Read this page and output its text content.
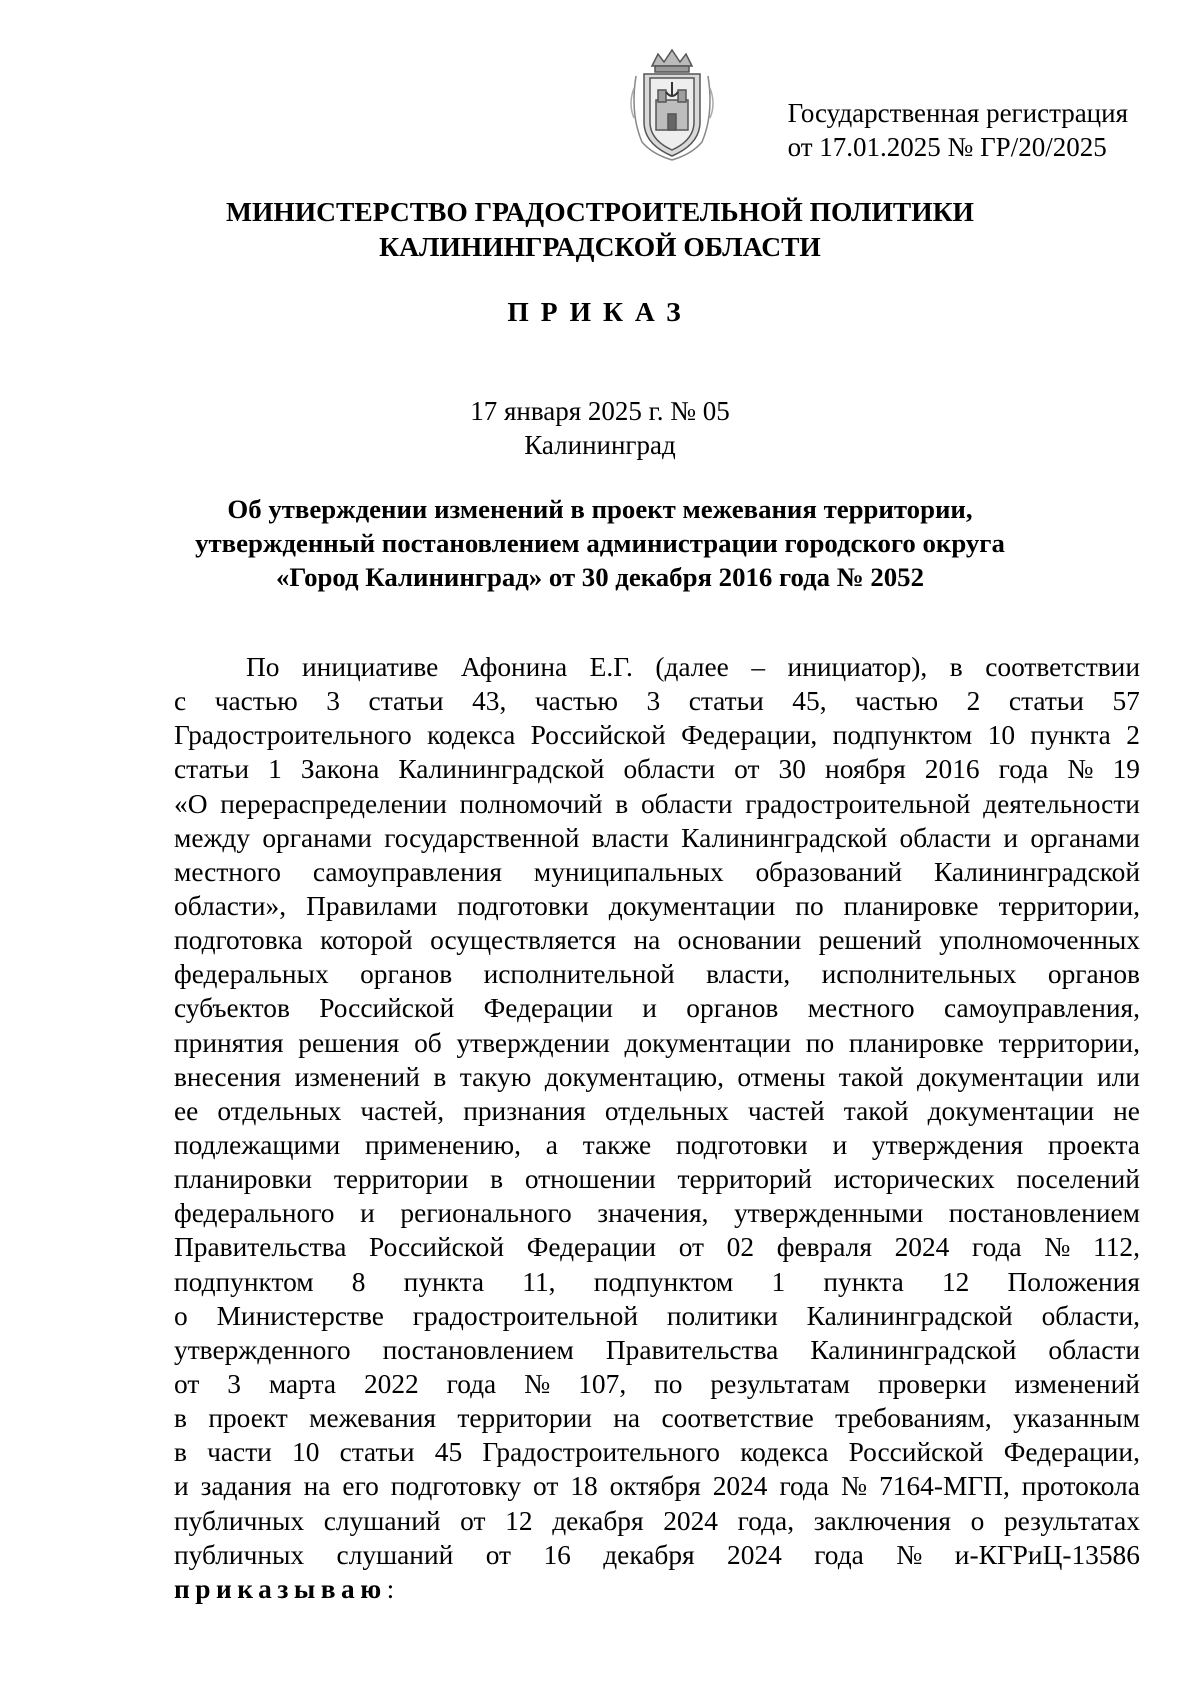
Государственная регистрация
от 17.01.2025 № ГР/20/2025
МИНИСТЕРСТВО ГРАДОСТРОИТЕЛЬНОЙ ПОЛИТИКИ
КАЛИНИНГРАДСКОЙ ОБЛАСТИ
ПРИКАЗ
17 января 2025 г. № 05
Калининград
Об утверждении изменений в проект межевания территории,
утвержденный постановлением администрации городского округа
«Город Калининград» от 30 декабря 2016 года № 2052
По инициативе Афонина Е.Г. (далее – инициатор), в соответствии
с частью 3 статьи 43, частью 3 статьи 45, частью 2 статьи 57
Градостроительного кодекса Российской Федерации, подпунктом 10 пункта 2
статьи 1 Закона Калининградской области от 30 ноября 2016 года № 19
«О перераспределении полномочий в области градостроительной деятельности
между органами государственной власти Калининградской области и органами
местного самоуправления муниципальных образований Калининградской
области», Правилами подготовки документации по планировке территории,
подготовка которой осуществляется на основании решений уполномоченных
федеральных органов исполнительной власти, исполнительных органов
субъектов Российской Федерации и органов местного самоуправления,
принятия решения об утверждении документации по планировке территории,
внесения изменений в такую документацию, отмены такой документации или
ее отдельных частей, признания отдельных частей такой документации не
подлежащими применению, а также подготовки и утверждения проекта
планировки территории в отношении территорий исторических поселений
федерального и регионального значения, утвержденными постановлением
Правительства Российской Федерации от 02 февраля 2024 года № 112,
подпунктом 8 пункта 11, подпунктом 1 пункта 12 Положения
о Министерстве градостроительной политики Калининградской области,
утвержденного постановлением Правительства Калининградской области
от 3 марта 2022 года № 107, по результатам проверки изменений
в проект межевания территории на соответствие требованиям, указанным
в части 10 статьи 45 Градостроительного кодекса Российской Федерации,
и задания на его подготовку от 18 октября 2024 года № 7164-МГП, протокола
публичных слушаний от 12 декабря 2024 года, заключения о результатах
публичных слушаний от 16 декабря 2024 года № и-КГРиЦ-13586
приказываю:
